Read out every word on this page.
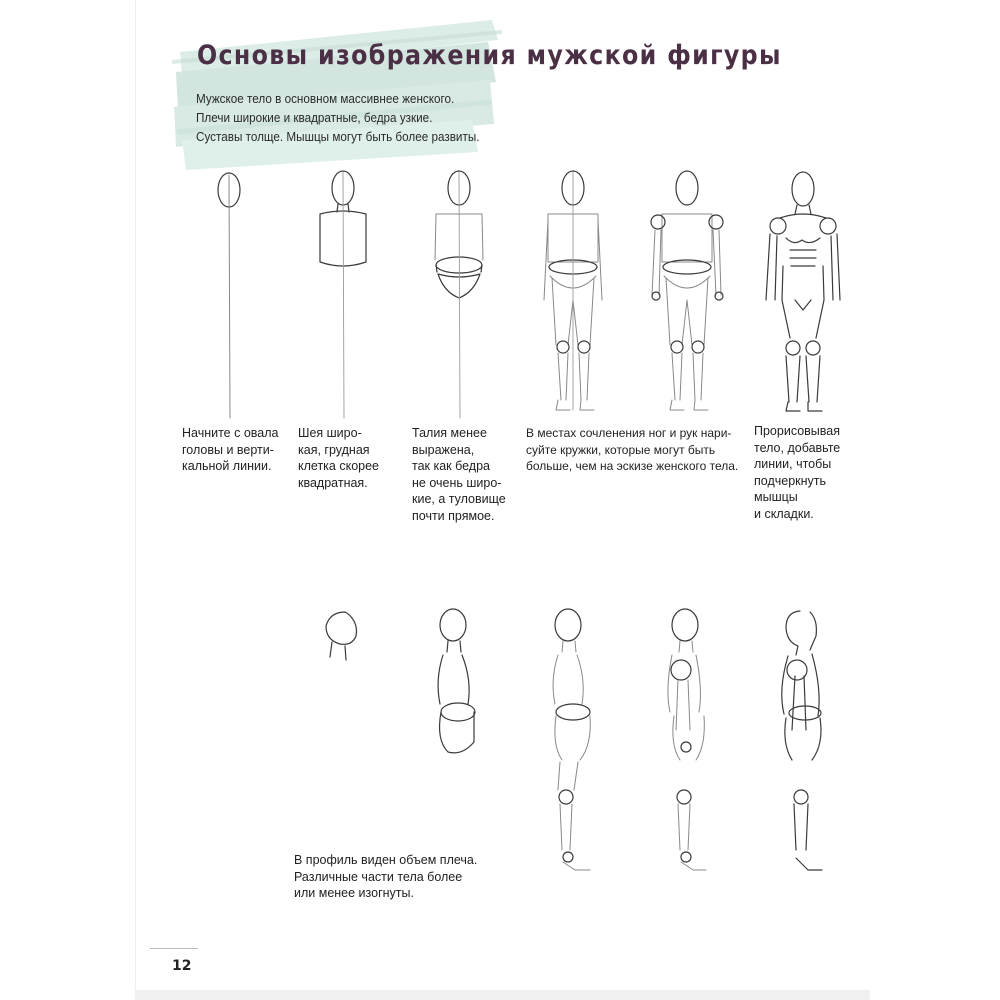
Основы изображения мужской фигуры
Мужское тело в основном массивнее женского.
Плечи широкие и квадратные, бедра узкие.
Суставы толще. Мышцы могут быть более развиты.
Начните с овала
головы и верти-
кальной линии.
Шея широ-
кая, грудная
клетка скорее
квадратная.
Талия менее
выражена,
так как бедра
не очень широ-
кие, а туловище
почти прямое.
В местах сочленения ног и рук нари-
суйте кружки, которые могут быть
больше, чем на эскизе женского тела.
Прорисовывая
тело, добавьте
линии, чтобы
подчеркнуть
мышцы
и складки.
В профиль виден объем плеча.
Различные части тела более
или менее изогнуты.
12
